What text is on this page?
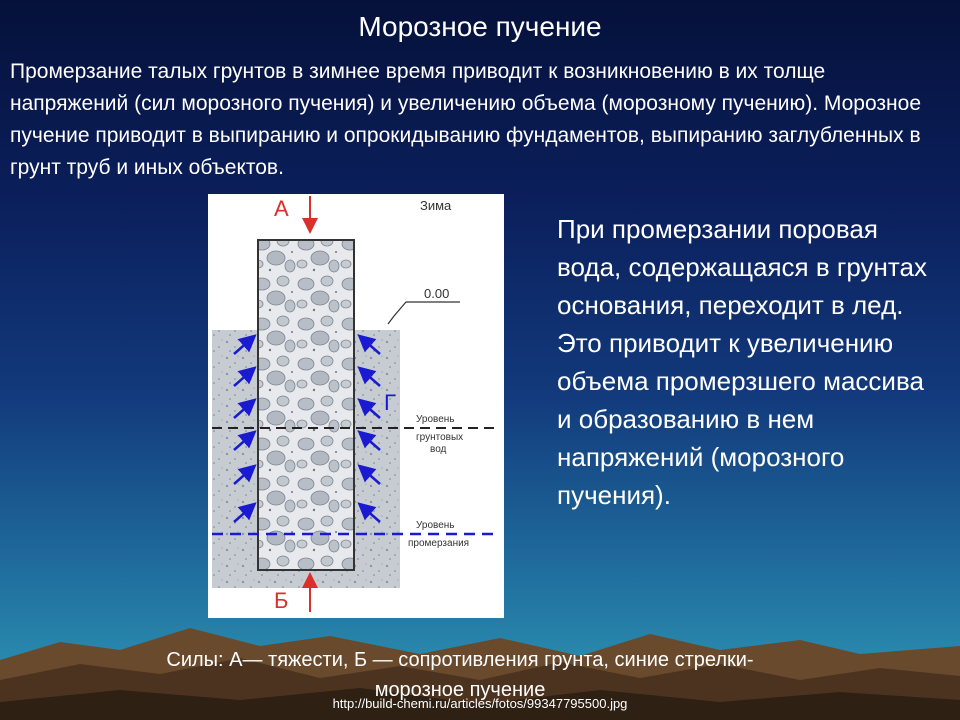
Морозное пучение
Промерзание талых грунтов в зимнее время приводит к возникновению в их толще напряжений (сил морозного пучения) и увеличению объема (морозному пучению). Морозное пучение приводит в выпиранию и опрокидыванию фундаментов, выпиранию заглубленных в грунт труб и иных объектов.
А
Б
Г
Зима
0.00
Уровень
грунтовых
вод
Уровень
промерзания
При промерзании поровая вода, содержащаяся в грунтах основания, переходит в лед. Это приводит к увеличению объема промерзшего массива и образованию в нем напряжений (морозного пучения).
Силы: А— тяжести, Б — сопротивления грунта, синие стрелки-
морозное пучение
http://build-chemi.ru/articles/fotos/99347795500.jpg
